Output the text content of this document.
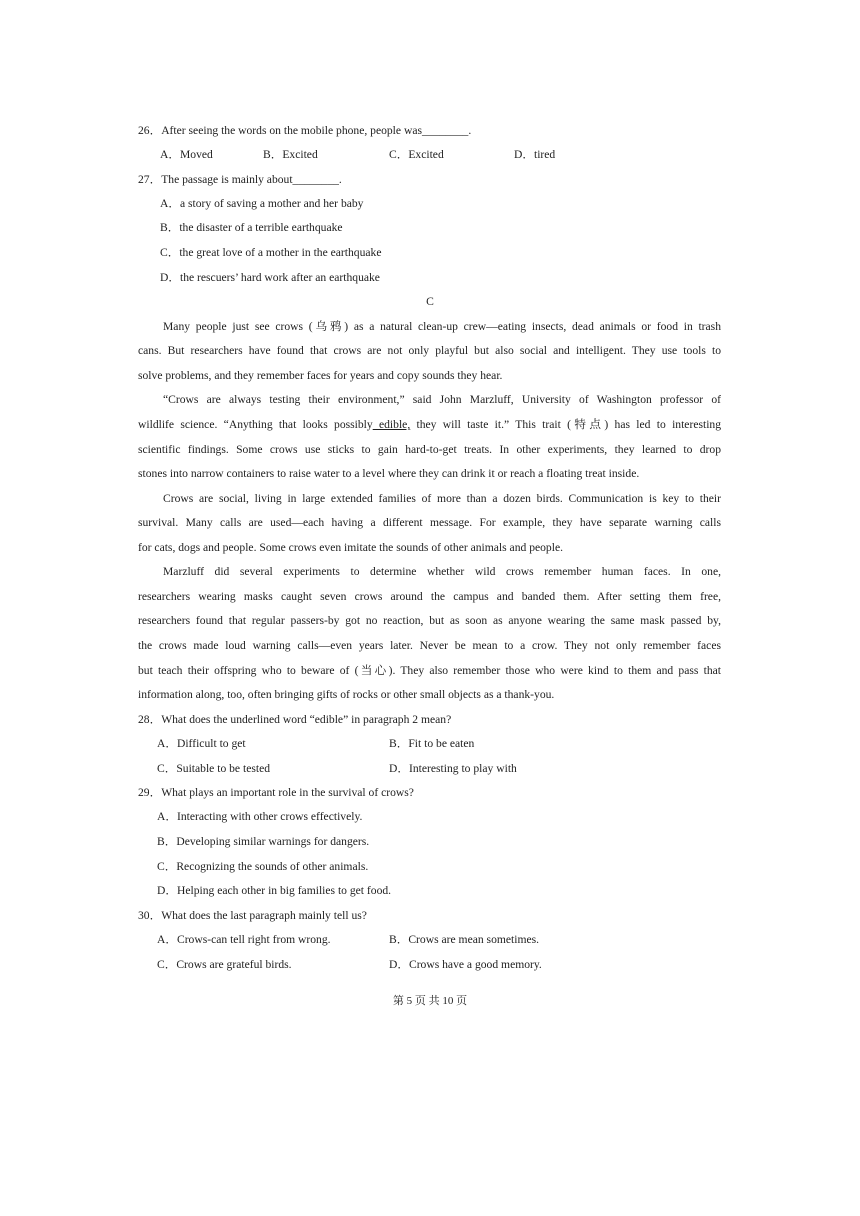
26．After seeing the words on the mobile phone, people was________.
A．Moved	B．Excited	C．Excited	D．tired
27．The passage is mainly about________.
A．a story of saving a mother and her baby
B．the disaster of a terrible earthquake
C．the great love of a mother in the earthquake
D．the rescuers’ hard work after an earthquake
C
Many people just see crows (乌鸦) as a natural clean-up crew—eating insects, dead animals or food in trash
cans. But researchers have found that crows are not only playful but also social and intelligent. They use tools to
solve problems, and they remember faces for years and copy sounds they hear.
“Crows are always testing their environment,” said John Marzluff, University of Washington professor of
wildlife science. “Anything that looks possibly edible, they will taste it.” This trait (特点) has led to interesting
scientific findings. Some crows use sticks to gain hard-to-get treats. In other experiments, they learned to drop
stones into narrow containers to raise water to a level where they can drink it or reach a floating treat inside.
Crows are social, living in large extended families of more than a dozen birds. Communication is key to their
survival. Many calls are used—each having a different message. For example, they have separate warning calls
for cats, dogs and people. Some crows even imitate the sounds of other animals and people.
Marzluff did several experiments to determine whether wild crows remember human faces. In one,
researchers wearing masks caught seven crows around the campus and banded them. After setting them free,
researchers found that regular passers-by got no reaction, but as soon as anyone wearing the same mask passed by,
the crows made loud warning calls—even years later. Never be mean to a crow. They not only remember faces
but teach their offspring who to beware of (当心). They also remember those who were kind to them and pass that
information along, too, often bringing gifts of rocks or other small objects as a thank-you.
28．What does the underlined word “edible” in paragraph 2 mean?
A．Difficult to get	B．Fit to be eaten
C．Suitable to be tested	D．Interesting to play with
29．What plays an important role in the survival of crows?
A．Interacting with other crows effectively.
B．Developing similar warnings for dangers.
C．Recognizing the sounds of other animals.
D．Helping each other in big families to get food.
30．What does the last paragraph mainly tell us?
A．Crows-can tell right from wrong.	B．Crows are mean sometimes.
C．Crows are grateful birds.	D．Crows have a good memory.
第 5 页 共 10 页
